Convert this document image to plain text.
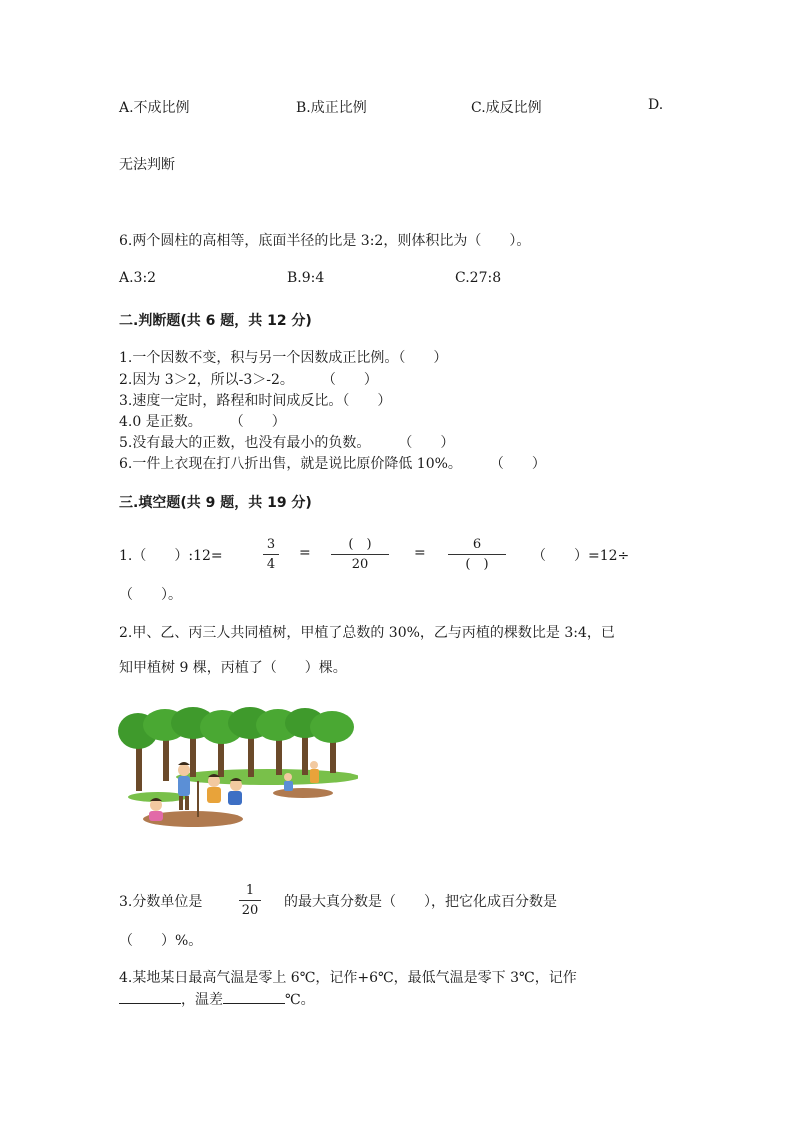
A.不成比例	B.成正比例	C.成反比例	D.
无法判断
6.两个圆柱的高相等，底面半径的比是 3:2，则体积比为（　　）。
A.3:2	B.9:4	C.27:8
二.判断题(共 6 题，共 12 分)
1.一个因数不变，积与另一个因数成正比例。（　　）
2.因为 3＞2，所以-3＞-2。　　　（　　）
3.速度一定时，路程和时间成反比。（　　）
4.0 是正数。　　　（　　）
5.没有最大的正数，也没有最小的负数。　　　（　　）
6.一件上衣现在打八折出售，就是说比原价降低 10%。　　　（　　）
三.填空题(共 9 题，共 19 分)
1.（　　）:12=
3
4
=
(　)
20
=
6
(　)
（　　）=12÷
（　　）。
2.甲、乙、丙三人共同植树，甲植了总数的 30%，乙与丙植的棵数比是 3:4，已
知甲植树 9 棵，丙植了（　　）棵。
3.分数单位是
1
20
的最大真分数是（　　），把它化成百分数是
（　　）%。
4.某地某日最高气温是零上 6℃，记作+6℃，最低气温是零下 3℃，记作
，温差	℃。
